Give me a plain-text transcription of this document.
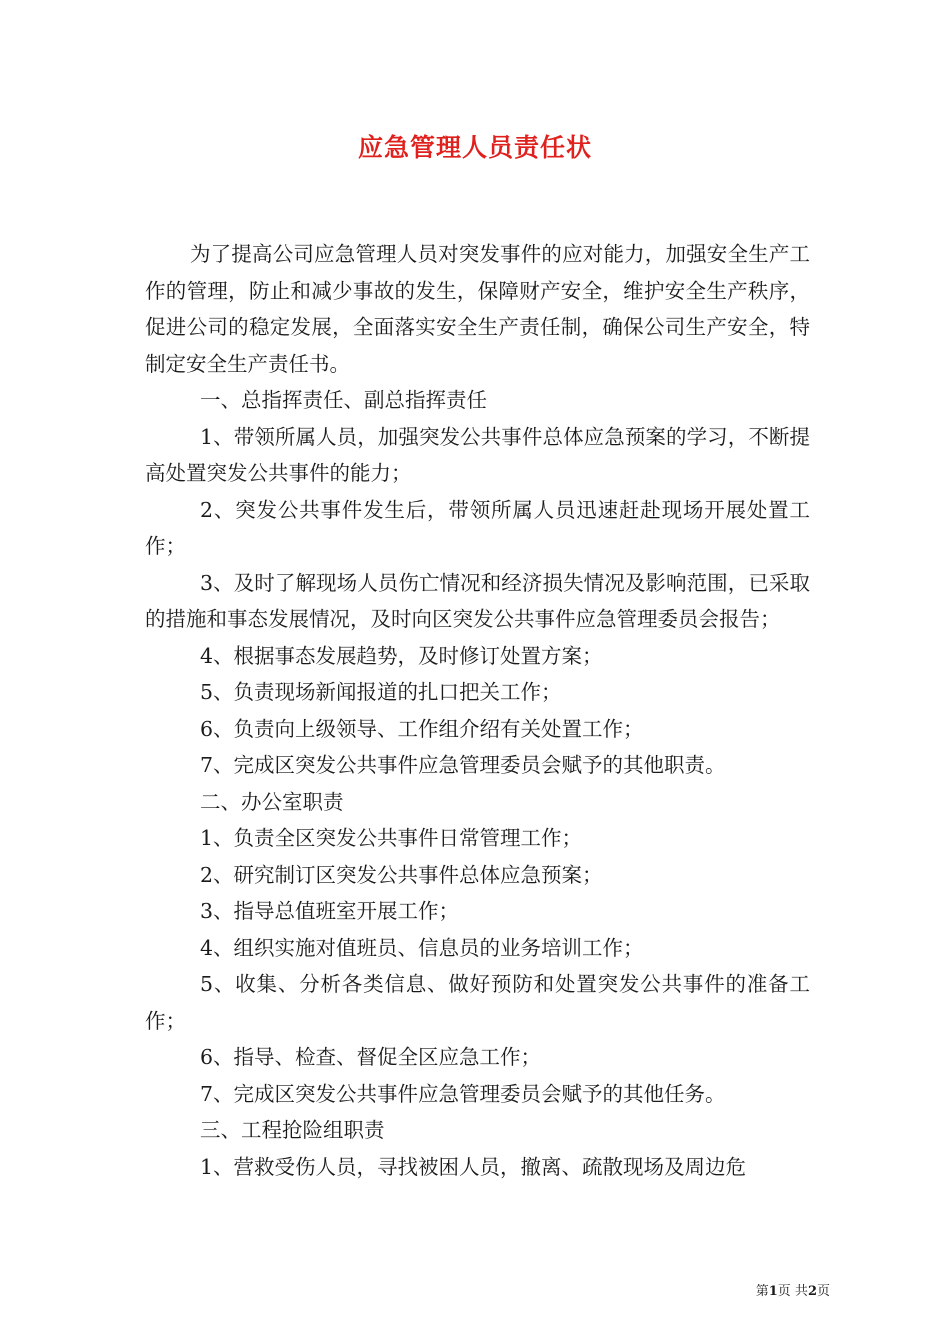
应急管理人员责任状

为了提高公司应急管理人员对突发事件的应对能力，加强安全生产工作的管理，防止和减少事故的发生，保障财产安全，维护安全生产秩序，促进公司的稳定发展，全面落实安全生产责任制，确保公司生产安全，特制定安全生产责任书。

一、总指挥责任、副总指挥责任

1、带领所属人员，加强突发公共事件总体应急预案的学习，不断提高处置突发公共事件的能力；

2、突发公共事件发生后，带领所属人员迅速赶赴现场开展处置工作；

3、及时了解现场人员伤亡情况和经济损失情况及影响范围，已采取的措施和事态发展情况，及时向区突发公共事件应急管理委员会报告；

4、根据事态发展趋势，及时修订处置方案；

5、负责现场新闻报道的扎口把关工作；

6、负责向上级领导、工作组介绍有关处置工作；

7、完成区突发公共事件应急管理委员会赋予的其他职责。

二、办公室职责

1、负责全区突发公共事件日常管理工作；

2、研究制订区突发公共事件总体应急预案；

3、指导总值班室开展工作；

4、组织实施对值班员、信息员的业务培训工作；

5、收集、分析各类信息、做好预防和处置突发公共事件的准备工作；

6、指导、检查、督促全区应急工作；

7、完成区突发公共事件应急管理委员会赋予的其他任务。

三、工程抢险组职责

1、营救受伤人员，寻找被困人员，撤离、疏散现场及周边危

第1页 共2页
